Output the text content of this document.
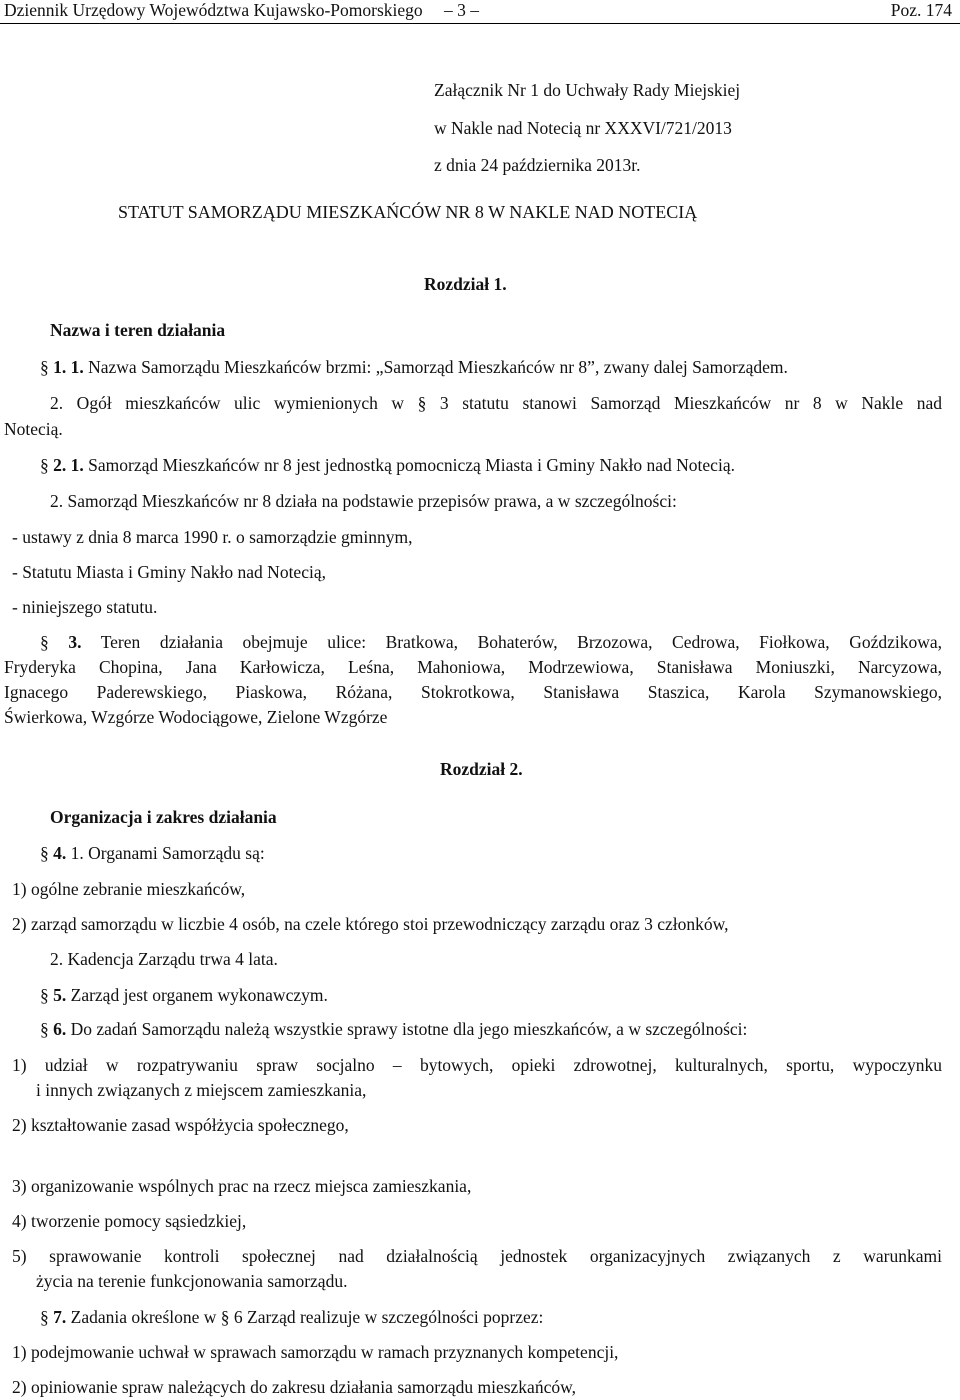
Dziennik Urzędowy Województwa Kujawsko-Pomorskiego – 3 –	Poz. 174
Załącznik Nr 1 do Uchwały Rady Miejskiej
w Nakle nad Notecią nr XXXVI/721/2013
z dnia 24 października 2013r.
STATUT SAMORZĄDU MIESZKAŃCÓW NR 8 W NAKLE NAD NOTECIĄ
Rozdział 1.
Nazwa i teren działania
§ 1. 1. Nazwa Samorządu Mieszkańców brzmi: „Samorząd Mieszkańców nr 8”, zwany dalej Samorządem.
2. Ogół mieszkańców ulic wymienionych w § 3 statutu stanowi Samorząd Mieszkańców nr 8 w Nakle nad
Notecią.
§ 2. 1. Samorząd Mieszkańców nr 8 jest jednostką pomocniczą Miasta i Gminy Nakło nad Notecią.
2. Samorząd Mieszkańców nr 8 działa na podstawie przepisów prawa, a w szczególności:
- ustawy z dnia 8 marca 1990 r. o samorządzie gminnym,
- Statutu Miasta i Gminy Nakło nad Notecią,
- niniejszego statutu.
§ 3. Teren działania obejmuje ulice: Bratkowa, Bohaterów, Brzozowa, Cedrowa, Fiołkowa, Goździkowa,
Fryderyka Chopina, Jana Karłowicza, Leśna, Mahoniowa, Modrzewiowa, Stanisława Moniuszki, Narcyzowa,
Ignacego Paderewskiego, Piaskowa, Różana, Stokrotkowa, Stanisława Staszica, Karola Szymanowskiego,
Świerkowa, Wzgórze Wodociągowe, Zielone Wzgórze
Rozdział 2.
Organizacja i zakres działania
§ 4. 1. Organami Samorządu są:
1) ogólne zebranie mieszkańców,
2) zarząd samorządu w liczbie 4 osób, na czele którego stoi przewodniczący zarządu oraz 3 członków,
2. Kadencja Zarządu trwa 4 lata.
§ 5. Zarząd jest organem wykonawczym.
§ 6. Do zadań Samorządu należą wszystkie sprawy istotne dla jego mieszkańców, a w szczególności:
1) udział w rozpatrywaniu spraw socjalno – bytowych, opieki zdrowotnej, kulturalnych, sportu, wypoczynku
i innych związanych z miejscem zamieszkania,
2) kształtowanie zasad współżycia społecznego,
3) organizowanie wspólnych prac na rzecz miejsca zamieszkania,
4) tworzenie pomocy sąsiedzkiej,
5) sprawowanie kontroli społecznej nad działalnością jednostek organizacyjnych związanych z warunkami
życia na terenie funkcjonowania samorządu.
§ 7. Zadania określone w § 6 Zarząd realizuje w szczególności poprzez:
1) podejmowanie uchwał w sprawach samorządu w ramach przyznanych kompetencji,
2) opiniowanie spraw należących do zakresu działania samorządu mieszkańców,
